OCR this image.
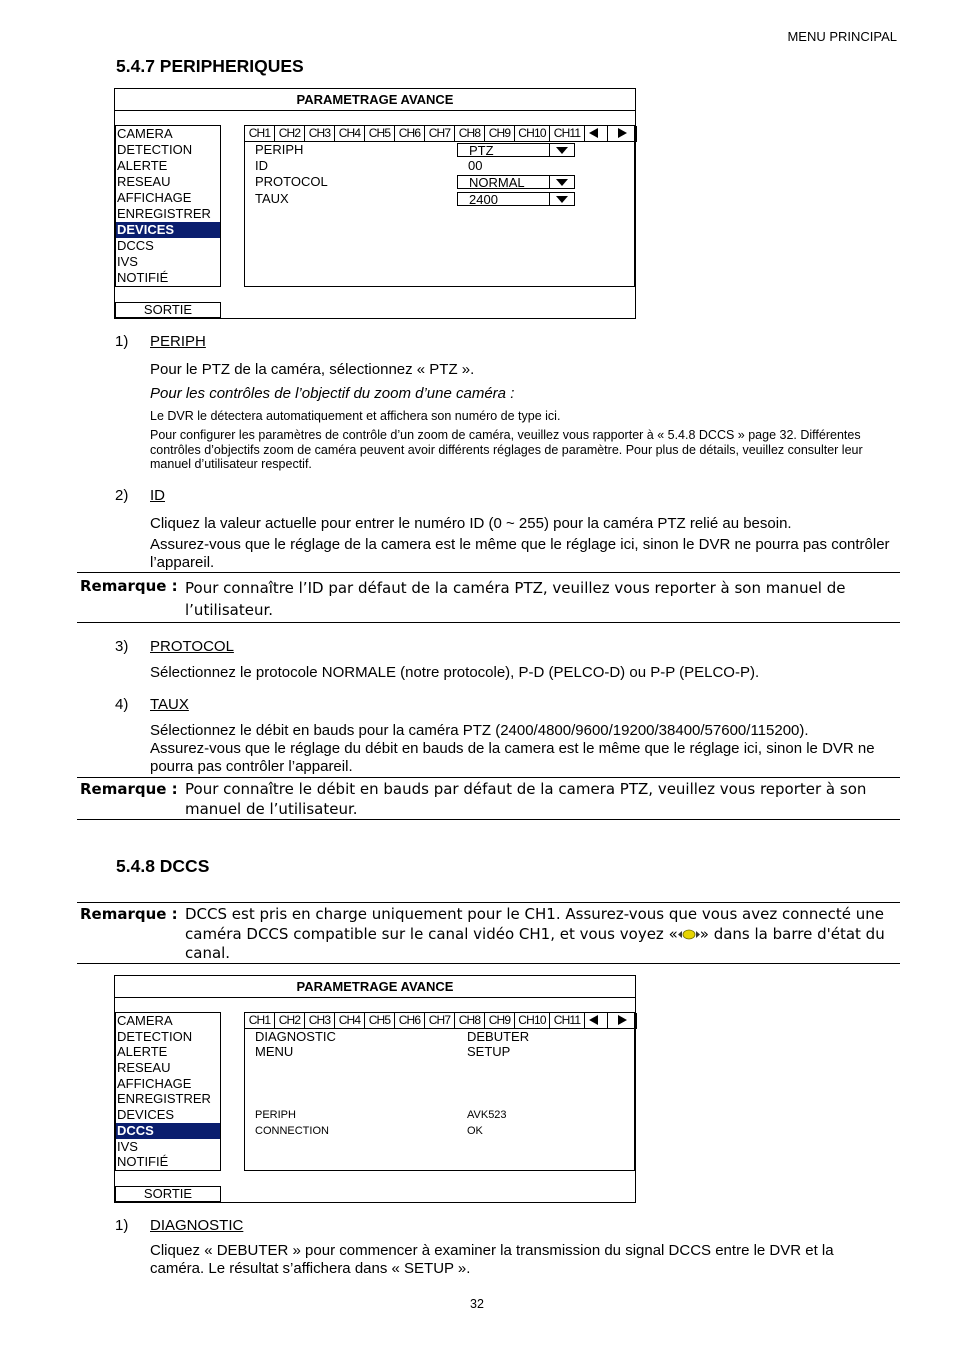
MENU PRINCIPAL
5.4.7 PERIPHERIQUES
PARAMETRAGE AVANCE
CAMERA
DETECTION
ALERTE
RESEAU
AFFICHAGE
ENREGISTRER
DEVICES
DCCS
IVS
NOTIFIÉ
SORTIE
CH1 CH2 CH3 CH4 CH5 CH6 CH7 CH8 CH9 CH10 CH11
PERIPH	PTZ
ID	00
PROTOCOL	NORMAL
TAUX	2400
1) PERIPH
Pour le PTZ de la caméra, sélectionnez « PTZ ».
Pour les contrôles de l’objectif du zoom d’une caméra :
Le DVR le détectera automatiquement et affichera son numéro de type ici.
Pour configurer les paramètres de contrôle d’un zoom de caméra, veuillez vous rapporter à « 5.4.8 DCCS » page 32. Différentes contrôles d’objectifs zoom de caméra peuvent avoir différents réglages de paramètre. Pour plus de détails, veuillez consulter leur manuel d’utilisateur respectif.
2) ID
Cliquez la valeur actuelle pour entrer le numéro ID (0 ~ 255) pour la caméra PTZ relié au besoin.
Assurez-vous que le réglage de la camera est le même que le réglage ici, sinon le DVR ne pourra pas contrôler l’appareil.
Remarque : Pour connaître l’ID par défaut de la caméra PTZ, veuillez vous reporter à son manuel de l’utilisateur.
3) PROTOCOL
Sélectionnez le protocole NORMALE (notre protocole), P-D (PELCO-D) ou P-P (PELCO-P).
4) TAUX
Sélectionnez le débit en bauds pour la caméra PTZ (2400/4800/9600/19200/38400/57600/115200).
Assurez-vous que le réglage du débit en bauds de la camera est le même que le réglage ici, sinon le DVR ne pourra pas contrôler l’appareil.
Remarque : Pour connaître le débit en bauds par défaut de la camera PTZ, veuillez vous reporter à son manuel de l’utilisateur.
5.4.8 DCCS
Remarque : DCCS est pris en charge uniquement pour le CH1. Assurez-vous que vous avez connecté une caméra DCCS compatible sur le canal vidéo CH1, et vous voyez « » dans la barre d'état du canal.
PARAMETRAGE AVANCE
CAMERA
DETECTION
ALERTE
RESEAU
AFFICHAGE
ENREGISTRER
DEVICES
DCCS
IVS
NOTIFIÉ
SORTIE
CH1 CH2 CH3 CH4 CH5 CH6 CH7 CH8 CH9 CH10 CH11
DIAGNOSTIC	DEBUTER
MENU	SETUP
PERIPH	AVK523
CONNECTION	OK
1) DIAGNOSTIC
Cliquez « DEBUTER » pour commencer à examiner la transmission du signal DCCS entre le DVR et la caméra. Le résultat s’affichera dans « SETUP ».
32
